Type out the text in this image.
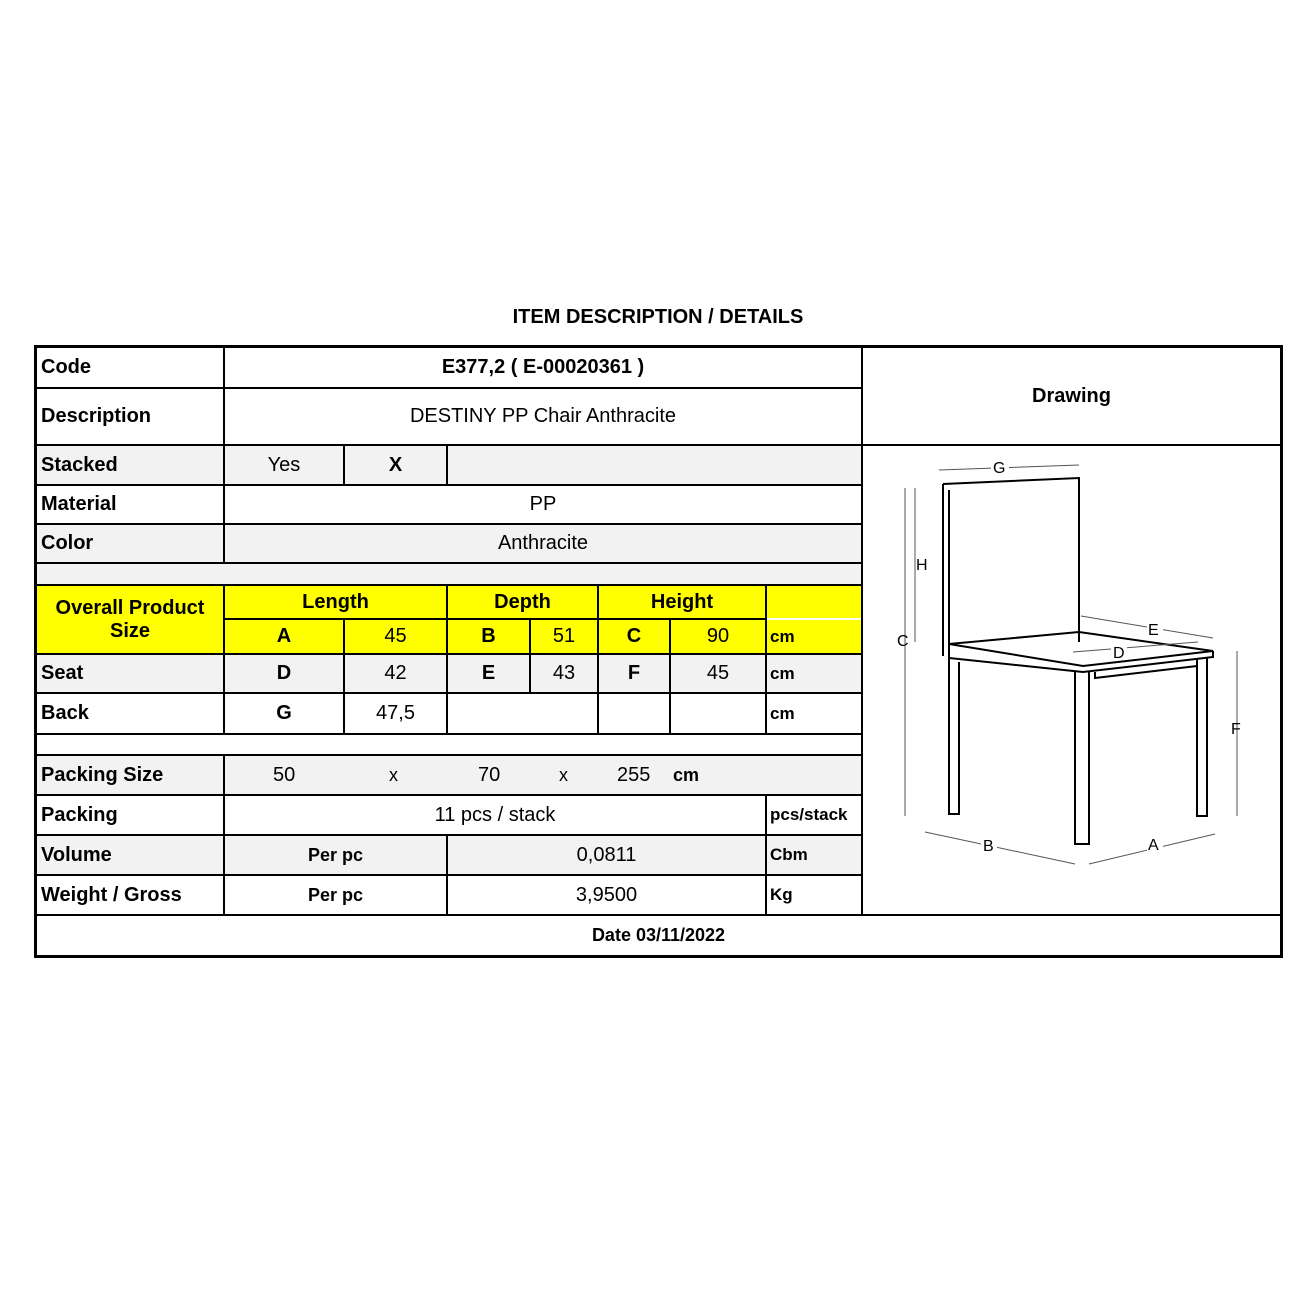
ITEM DESCRIPTION / DETAILS
Code	E377,2 ( E-00020361 )
Description	DESTINY PP Chair Anthracite
Drawing
Stacked	Yes	X
Material	PP
Color	Anthracite
Overall Product Size
Length	Depth	Height
A	45	B	51	C	90	cm
Seat	D	42	E	43	F	45	cm
Back	G	47,5	cm
Packing Size	50	x	70	x 255 cm
Packing	11 pcs / stack	pcs/stack
Volume	Per pc	0,0811	Cbm
Weight / Gross	Per pc	3,9500	Kg
Date 03/11/2022
G
H
C
E
D
F
B	A
